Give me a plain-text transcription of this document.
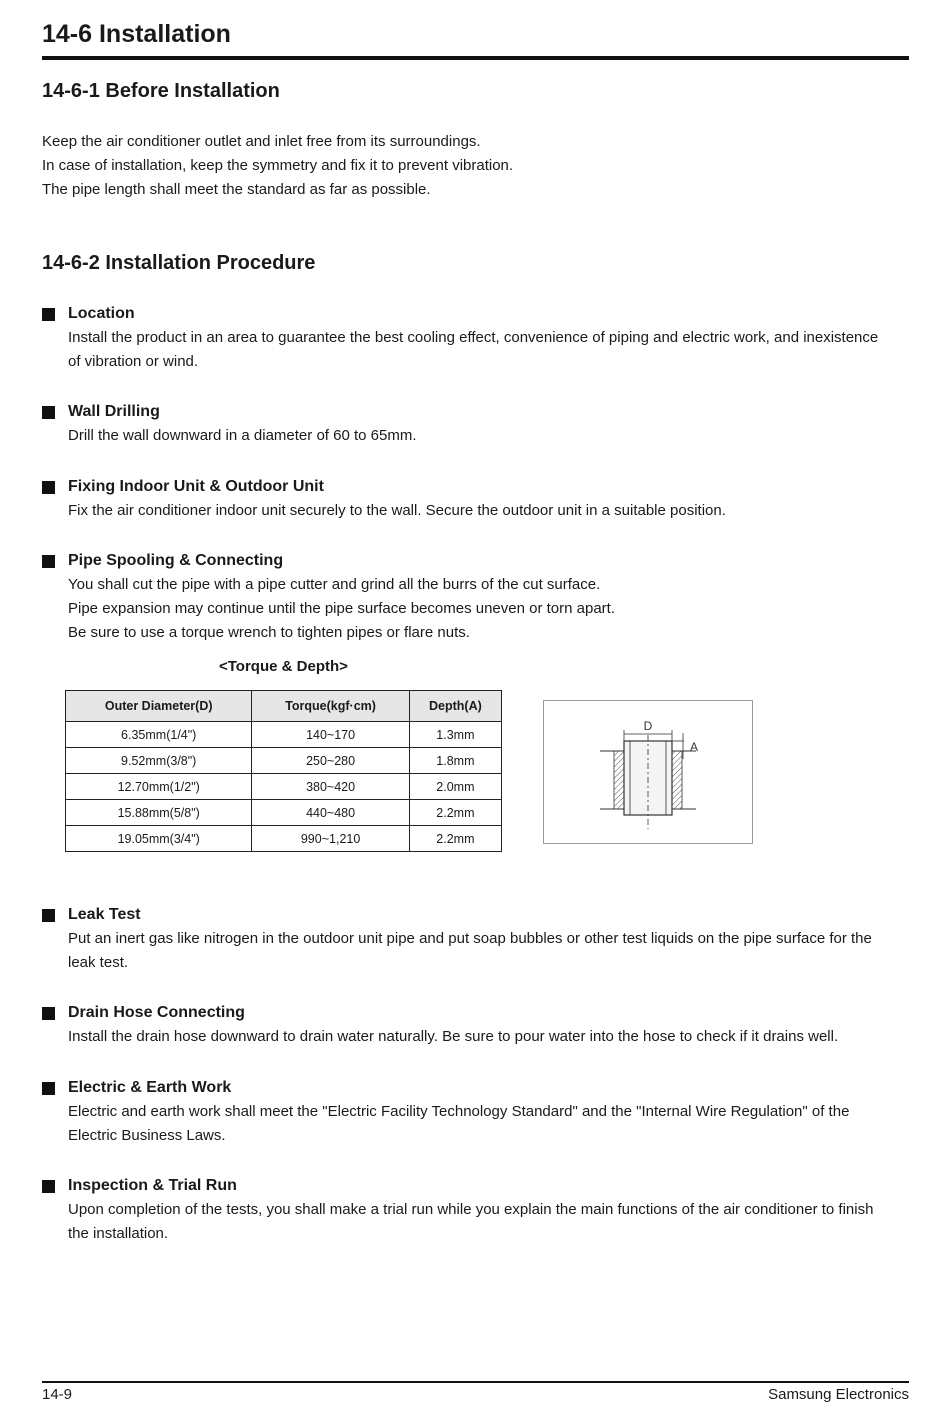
14-6 Installation
14-6-1 Before Installation
Keep the air conditioner outlet and inlet free from its surroundings.
In case of installation, keep the symmetry and fix it to prevent vibration.
The pipe length shall meet the standard as far as possible.
14-6-2 Installation Procedure
Location
Install the product in an area to guarantee the best cooling effect, convenience of piping and electric work, and inexistence of vibration or wind.
Wall Drilling
Drill the wall downward in a diameter of 60 to 65mm.
Fixing Indoor Unit & Outdoor Unit
Fix the air conditioner indoor unit securely to the wall. Secure the outdoor unit in a suitable position.
Pipe Spooling & Connecting
You shall cut the pipe with a pipe cutter and grind all the burrs of the cut surface.
Pipe expansion may continue until the pipe surface becomes uneven or torn apart.
Be sure to use a torque wrench to tighten pipes or flare nuts.
<Torque & Depth>
Outer Diameter(D)	Torque(kgf·cm)	Depth(A)
6.35mm(1/4")	140~170	1.3mm
9.52mm(3/8")	250~280	1.8mm
12.70mm(1/2")	380~420	2.0mm
15.88mm(5/8")	440~480	2.2mm
19.05mm(3/4")	990~1,210	2.2mm
D
A
Leak Test
Put an inert gas like nitrogen in the outdoor unit pipe and put soap bubbles or other test liquids on the pipe surface for the leak test.
Drain Hose Connecting
Install the drain hose downward to drain water naturally. Be sure to pour water into the hose to check if it drains well.
Electric & Earth Work
Electric and earth work shall meet the "Electric Facility Technology Standard" and the "Internal Wire Regulation" of the Electric Business Laws.
Inspection & Trial Run
Upon completion of the tests, you shall make a trial run while you explain the main functions of the air conditioner to finish the installation.
14-9	Samsung Electronics
